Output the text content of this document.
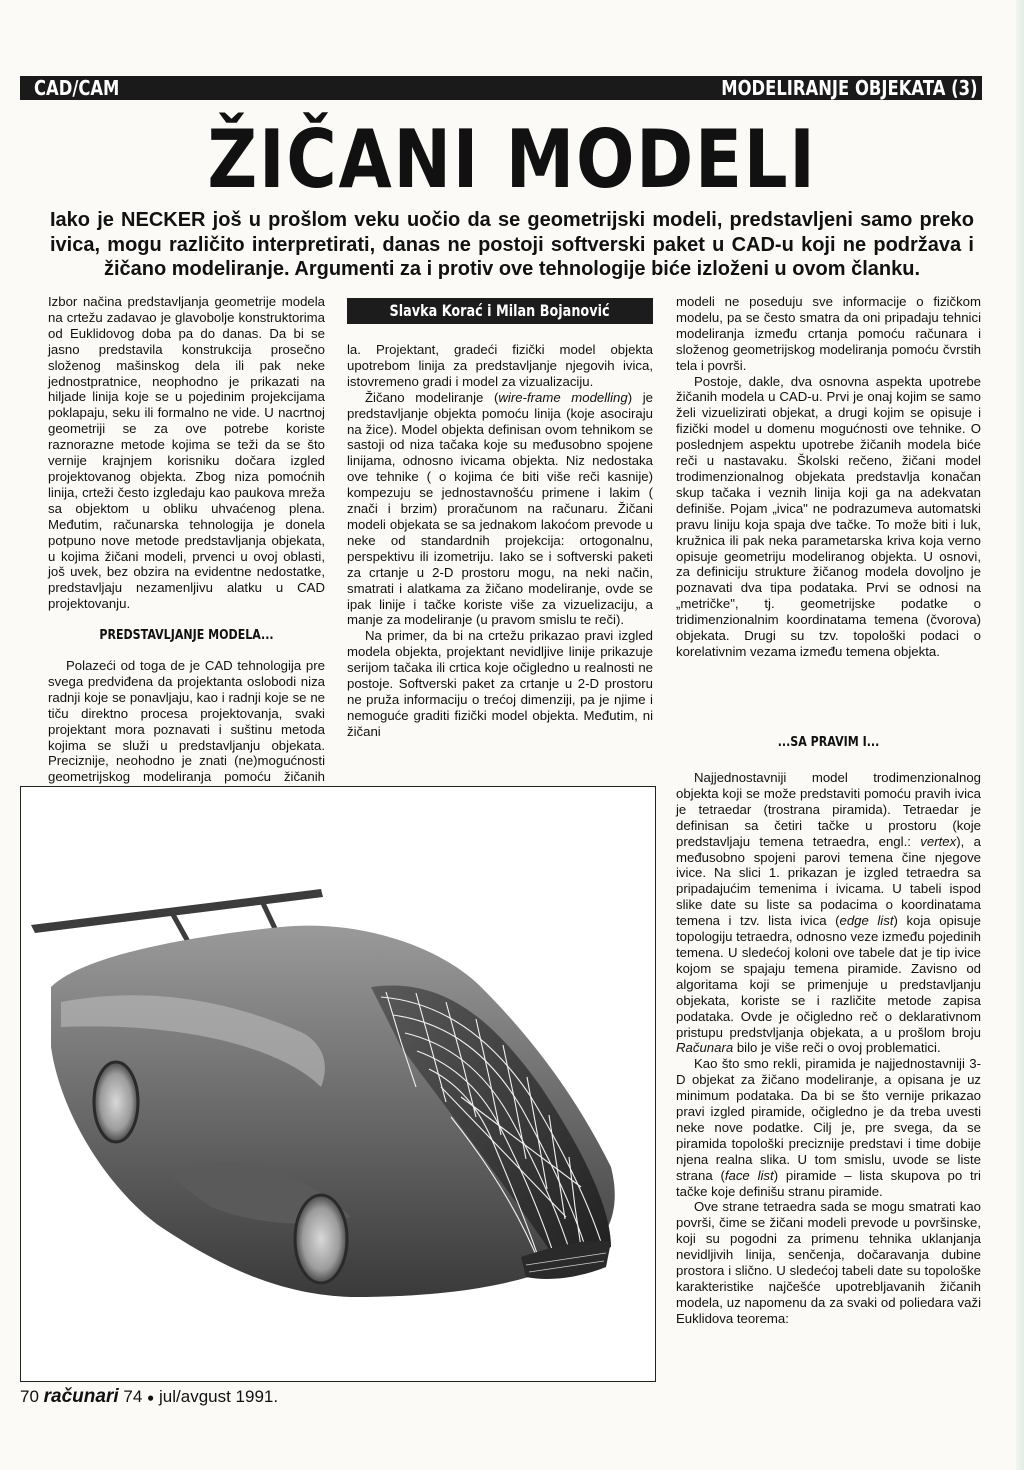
CAD/CAM	MODELIRANJE OBJEKATA (3)
ŽIČANI MODELI
Iako je NECKER još u prošlom veku uočio da se geometrijski modeli, predstavljeni samo preko ivica, mogu različito interpretirati, danas ne postoji softverski paket u CAD-u koji ne podržava i žičano modeliranje. Argumenti za i protiv ove tehnologije biće izloženi u ovom članku.

Izbor načina predstavljanja geometrije modela na crtežu zadavao je glavobolje konstruktorima od Euklidovog doba pa do danas. Da bi se jasno predstavila konstrukcija prosečno složenog mašinskog dela ili pak neke jednostpratnice, neophodno je prikazati na hiljade linija koje se u pojedinim projekcijama poklapaju, seku ili formalno ne vide. U nacrtnoj geometriji se za ove potrebe koriste raznorazne metode kojima se teži da se što vernije krajnjem korisniku dočara izgled projektovanog objekta. Zbog niza pomoćnih linija, crteži često izgledaju kao paukova mreža sa objektom u obliku uhvaćenog plena. Međutim, računarska tehnologija je donela potpuno nove metode predstavljanja objekata, u kojima žičani modeli, prvenci u ovoj oblasti, još uvek, bez obzira na evidentne nedostatke, predstavljaju nezamenljivu alatku u CAD projektovanju.

PREDSTAVLJANJE MODELA...

Polazeći od toga de je CAD tehnologija pre svega predviđena da projektanta oslobodi niza radnji koje se ponavljaju, kao i radnji koje se ne tiču direktno procesa projektovanja, svaki projektant mora poznavati i suštinu metoda kojima se služi u predstavljanju objekata. Preciznije, neohodno je znati (ne)mogućnosti geometrijskog modeliranja pomoću žičanih

Slavka Korać i Milan Bojanović

la. Projektant, gradeći fizički model objekta upotrebom linija za predstavljanje njegovih ivica, istovremeno gradi i model za vizualizaciju.

Žičano modeliranje (wire-frame modelling) je predstavljanje objekta pomoću linija (koje asociraju na žice). Model objekta definisan ovom tehnikom se sastoji od niza tačaka koje su međusobno spojene linijama, odnosno ivicama objekta. Niz nedostaka ove tehnike ( o kojima će biti više reči kasnije) kompezuju se jednostavnošću primene i lakim ( znači i brzim) proračunom na računaru. Žičani modeli objekata se sa jednakom lakoćom prevode u neke od standardnih projekcija: ortogonalnu, perspektivu ili izometriju. Iako se i softverski paketi za crtanje u 2-D prostoru mogu, na neki način, smatrati i alatkama za žičano modeliranje, ovde se ipak linije i tačke koriste više za vizuelizaciju, a manje za modeliranje (u pravom smislu te reči).

Na primer, da bi na crtežu prikazao pravi izgled modela objekta, projektant nevidljive linije prikazuje serijom tačaka ili crtica koje očigledno u realnosti ne postoje. Softverski paket za crtanje u 2-D prostoru ne pruža informaciju o trećoj dimenziji, pa je njime i nemoguće graditi fizički model objekta. Međutim, ni žičani

modeli ne poseduju sve informacije o fizičkom modelu, pa se često smatra da oni pripadaju tehnici modeliranja između crtanja pomoću računara i složenog geometrijskog modeliranja pomoću čvrstih tela i površi.

Postoje, dakle, dva osnovna aspekta upotrebe žičanih modela u CAD-u. Prvi je onaj kojim se samo želi vizuelizirati objekat, a drugi kojim se opisuje i fizički model u domenu mogućnosti ove tehnike. O poslednjem aspektu upotrebe žičanih modela biće reči u nastavaku. Školski rečeno, žičani model trodimenzionalnog objekata predstavlja konačan skup tačaka i veznih linija koji ga na adekvatan definiše. Pojam „ivica" ne podrazumeva automatski pravu liniju koja spaja dve tačke. To može biti i luk, kružnica ili pak neka parametarska kriva koja verno opisuje geometriju modeliranog objekta. U osnovi, za definiciju strukture žičanog modela dovoljno je poznavati dva tipa podataka. Prvi se odnosi na „metričke", tj. geometrijske podatke o tridimenzionalnim koordinatama temena (čvorova) objekata. Drugi su tzv. topološki podaci o korelativnim vezama između temena objekta.

...SA PRAVIM I...

Najjednostavniji model trodimenzionalnog objekta koji se može predstaviti pomoću pravih ivica je tetraedar (trostrana piramida). Tetraedar je definisan sa četiri tačke u prostoru (koje predstavljaju temena tetraedra, engl.: vertex), a međusobno spojeni parovi temena čine njegove ivice. Na slici 1. prikazan je izgled tetraedra sa pripadajućim temenima i ivicama. U tabeli ispod slike date su liste sa podacima o koordinatama temena i tzv. lista ivica (edge list) koja opisuje topologiju tetraedra, odnosno veze između pojedinih temena. U sledećoj koloni ove tabele dat je tip ivice kojom se spajaju temena piramide. Zavisno od algoritama koji se primenjuje u predstavljanju objekata, koriste se i različite metode zapisa podataka. Ovde je očigledno reč o deklarativnom pristupu predstvljanja objekata, a u prošlom broju Računara bilo je više reči o ovoj problematici.

Kao što smo rekli, piramida je najjednostavniji 3-D objekat za žičano modeliranje, a opisana je uz minimum podataka. Da bi se što vernije prikazao pravi izgled piramide, očigledno je da treba uvesti neke nove podatke. Cilj je, pre svega, da se piramida topološki preciznije predstavi i time dobije njena realna slika. U tom smislu, uvode se liste strana (face list) piramide – lista skupova po tri tačke koje definišu stranu piramide.

Ove strane tetraedra sada se mogu smatrati kao površi, čime se žičani modeli prevode u površinske, koji su pogodni za primenu tehnika uklanjanja nevidljivih linija, senčenja, dočaravanja dubine prostora i slično. U sledećoj tabeli date su topološke karakteristike najčešće upotrebljavanih žičanih modela, uz napomenu da za svaki od poliedara važi Euklidova teorema:

70 računari 74 ● jul/avgust 1991.
